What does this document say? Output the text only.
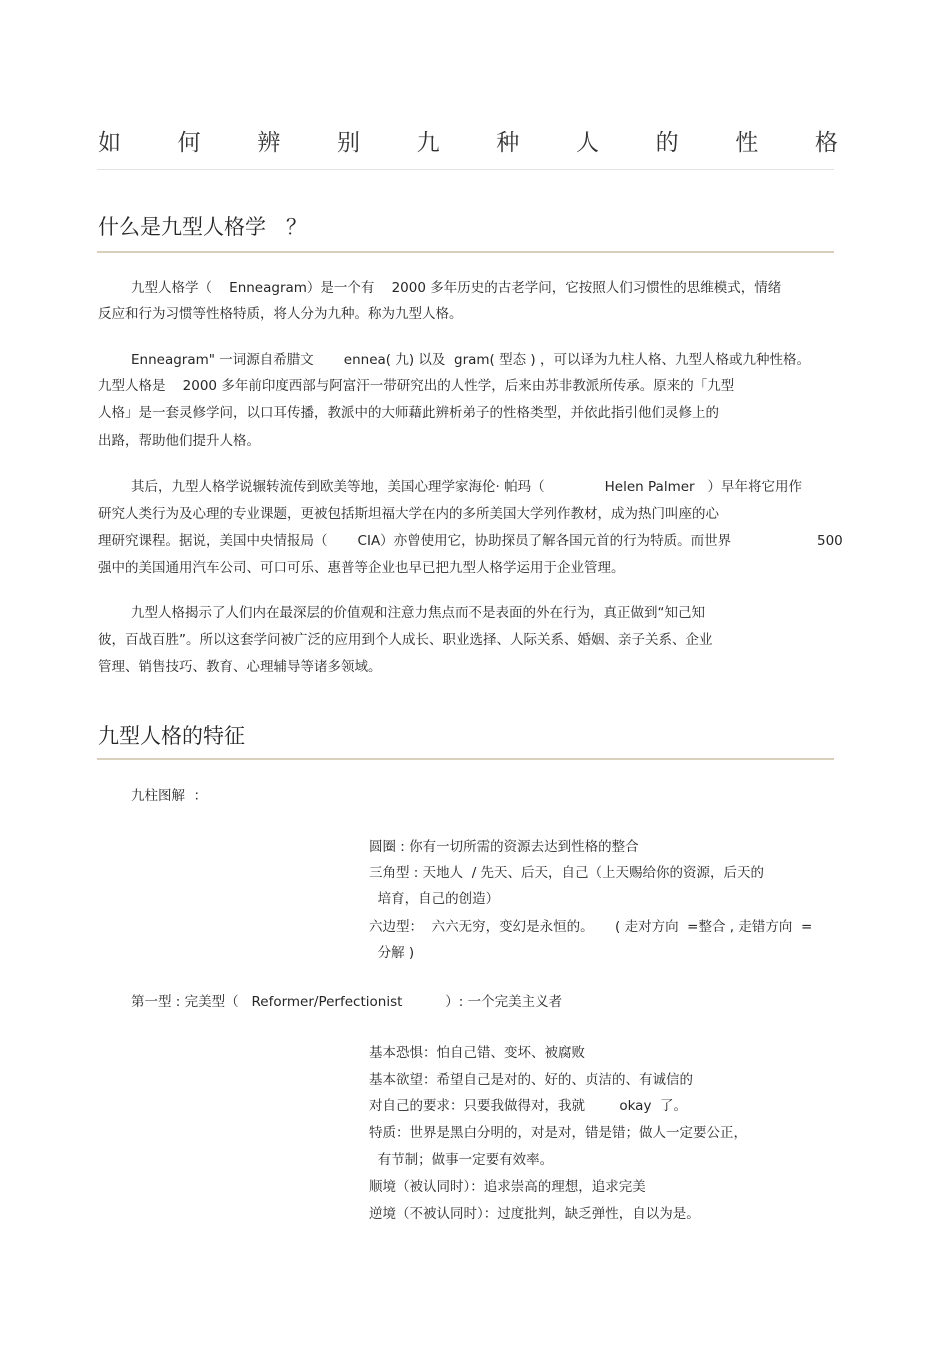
如 何 辨 别 九 种 人 的 性 格
什么是九型人格学   ？
九型人格学（    Enneagram）是一个有    2000 多年历史的古老学问，它按照人们习惯性的思维模式，情绪
反应和行为习惯等性格特质，将人分为九种。称为九型人格。
Enneagram" 一词源自希腊文       ennea( 九) 以及  gram( 型态 ) ，可以译为九柱人格、九型人格或九种性格。
九型人格是    2000 多年前印度西部与阿富汗一带研究出的人性学，后来由苏非教派所传承。原来的「九型
人格」是一套灵修学问，以口耳传播，教派中的大师藉此辨析弟子的性格类型，并依此指引他们灵修上的
出路，帮助他们提升人格。
其后，九型人格学说辗转流传到欧美等地，美国心理学家海伦· 帕玛（              Helen Palmer   ）早年将它用作
研究人类行为及心理的专业课题，更被包括斯坦福大学在内的多所美国大学列作教材，成为热门叫座的心
理研究课程。据说，美国中央情报局（       CIA）亦曾使用它，协助探员了解各国元首的行为特质。而世界                    500
强中的美国通用汽车公司、可口可乐、惠普等企业也早已把九型人格学运用于企业管理。
九型人格揭示了人们内在最深层的价值观和注意力焦点而不是表面的外在行为，真正做到“知己知
彼，百战百胜”。所以这套学问被广泛的应用到个人成长、职业选择、人际关系、婚姻、亲子关系、企业
管理、销售技巧、教育、心理辅导等诸多领域。
九型人格的特征
九柱图解  ：
圆圈 : 你有一切所需的资源去达到性格的整合
三角型 : 天地人  / 先天、后天，自己（上天赐给你的资源，后天的
培育，自己的创造）
六边型：  六六无穷，变幻是永恒的。     ( 走对方向  =整合 , 走错方向  =
分解 )
第一型 : 完美型（   Reformer/Perfectionist          ）: 一个完美主义者
基本恐惧：怕自己错、变坏、被腐败
基本欲望：希望自己是对的、好的、贞洁的、有诚信的
对自己的要求：只要我做得对，我就        okay  了。
特质：世界是黑白分明的，对是对，错是错；做人一定要公正，
有节制；做事一定要有效率。
顺境（被认同时）：追求崇高的理想，追求完美
逆境（不被认同时）：过度批判，缺乏弹性，自以为是。
